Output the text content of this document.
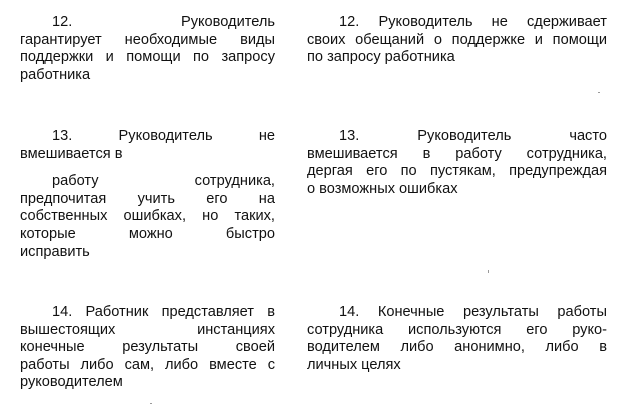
12. Руководитель
гарантирует необходимые виды
поддержки и помощи по запросу
работника
12. Руководитель не сдерживает
своих обещаний о поддержке и помощи
по запросу работника
13. Руководитель не
вмешивается в
работу сотрудника,
предпочитая учить его на
собственных ошибках, но таких,
которые можно быстро
исправить
13. Руководитель часто
вмешивается в работу сотрудника,
дергая его по пустякам, предупреждая
о возможных ошибках
14. Работник представляет в
вышестоящих инстанциях
конечные результаты своей
работы либо сам, либо вместе с
руководителем
14. Конечные результаты работы
сотрудника используются его руко-
водителем либо анонимно, либо в
личных целях
